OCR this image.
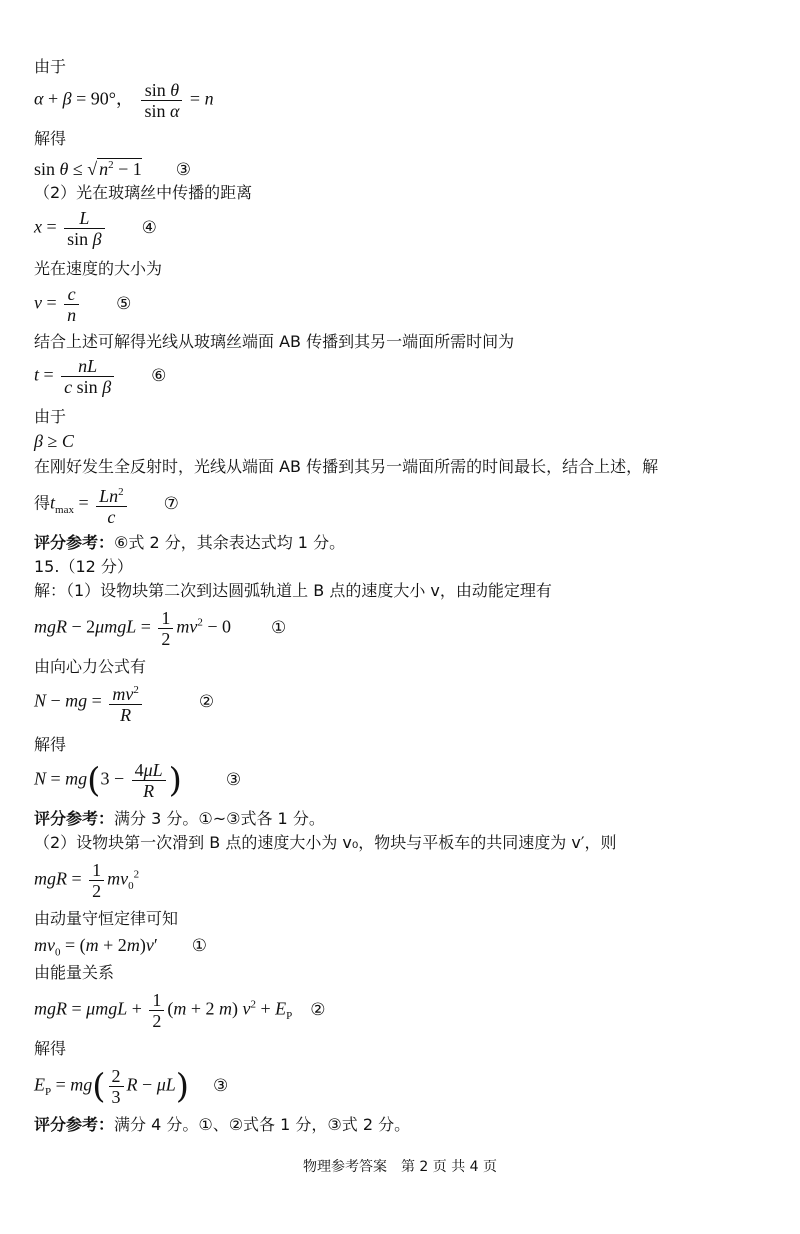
由于
α + β = 90°， $\frac{\text{sin θ}}{\text{sin α}} = n$
解得
sin θ ≤ √ $n^2 - 1$ ③
（2）光在玻璃丝中传播的距离
$x = \frac{L}{\text{sin β}}$ ④
光在速度的大小为
$v = \frac{c}{n}$ ⑤
结合上述可解得光线从玻璃丝端面 AB 传播到其另一端面所需时间为
$t = \frac{nL}{\text{c sin β}}$ ⑥
由于
β ≥ C
在刚好发生全反射时，光线从端面 AB 传播到其另一端面所需的时间最长，结合上述，解
得$t_{max} = \frac{Ln^2}{c}$ ⑦
评分参考：⑥式 2 分，其余表达式均 1 分。
15.（12 分）
解：（1）设物块第二次到达圆弧轨道上 B 点的速度大小 v，由动能定理有
mgR − $2\mu mgL = \frac{1}{2} mv^2 - 0$ ①
由向心力公式有
N − mg = $\frac{mv^2}{R}$	②
解得
$N = mg(3 - \frac{4\mu L}{R}$ )	③
评分参考：满分 3 分。①~③式各 1 分。
（2）设物块第一次滑到 B 点的速度大小为 v₀，物块与平板车的共同速度为 v′，则
mgR = $\frac{1}{2} mv_0^2$
由动量守恒定律可知
$mv_0 = (m + 2m)v'$ ①
由能量关系
mgR = $\mu mgL + \frac{1}{2} (m + 2$ m) $v^2 + E_P$ ②
解得
$E_P = mg( \frac{2}{3}$ R − μL) ③
评分参考：满分 4 分。①、②式各 1 分，③式 2 分。
物理参考答案　第 2 页 共 4 页
